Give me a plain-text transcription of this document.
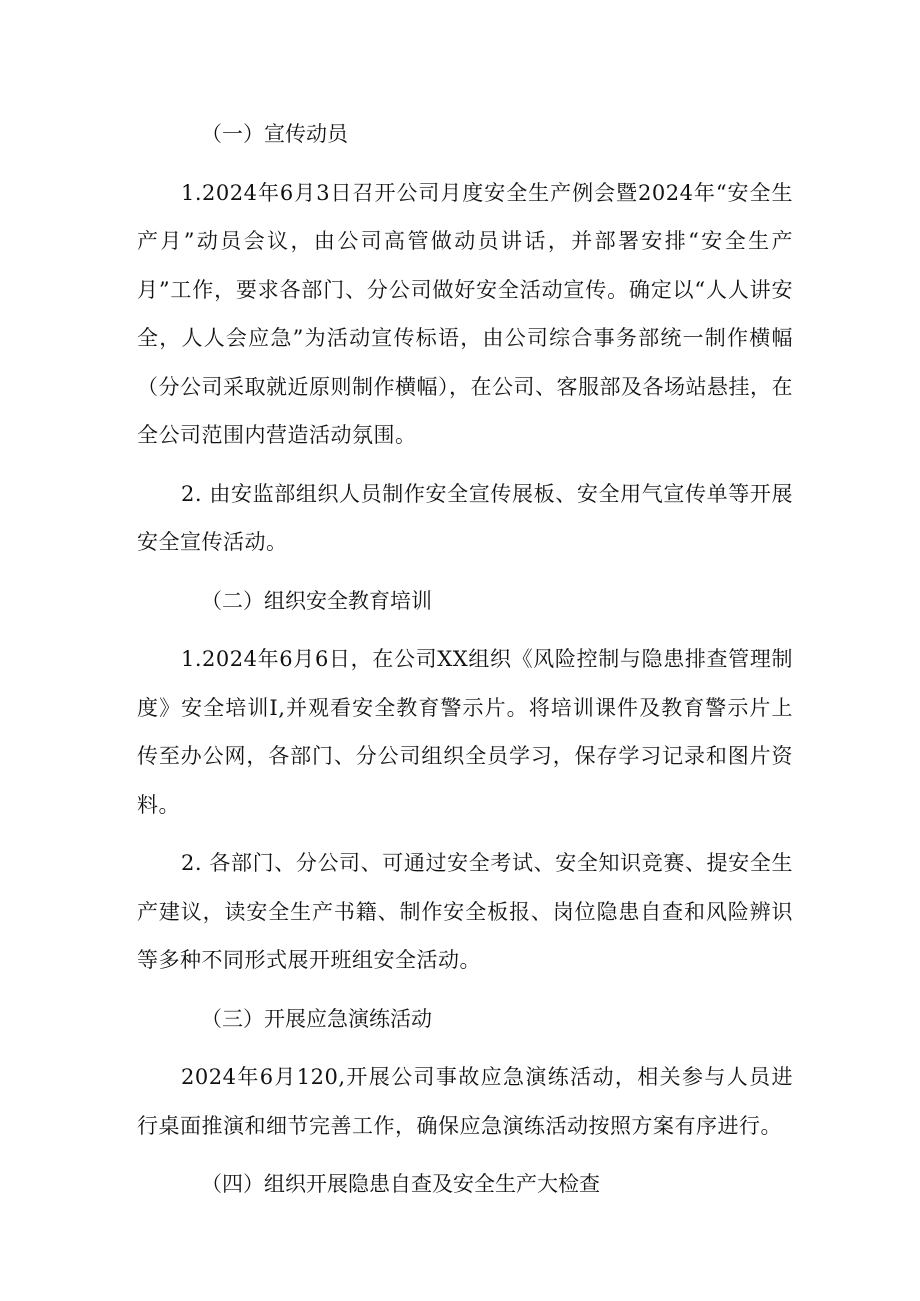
（一）宣传动员

1.2024年6月3日召开公司月度安全生产例会暨2024年“安全生产月”动员会议，由公司高管做动员讲话，并部署安排“安全生产月”工作，要求各部门、分公司做好安全活动宣传。确定以“人人讲安全，人人会应急”为活动宣传标语，由公司综合事务部统一制作横幅（分公司采取就近原则制作横幅），在公司、客服部及各场站悬挂，在全公司范围内营造活动氛围。

2. 由安监部组织人员制作安全宣传展板、安全用气宣传单等开展安全宣传活动。

（二）组织安全教育培训

1.2024年6月6日，在公司XX组织《风险控制与隐患排查管理制度》安全培训I,并观看安全教育警示片。将培训课件及教育警示片上传至办公网，各部门、分公司组织全员学习，保存学习记录和图片资料。

2. 各部门、分公司、可通过安全考试、安全知识竞赛、提安全生产建议，读安全生产书籍、制作安全板报、岗位隐患自查和风险辨识等多种不同形式展开班组安全活动。

（三）开展应急演练活动

2024年6月120,开展公司事故应急演练活动，相关参与人员进行桌面推演和细节完善工作，确保应急演练活动按照方案有序进行。

（四）组织开展隐患自查及安全生产大检查
